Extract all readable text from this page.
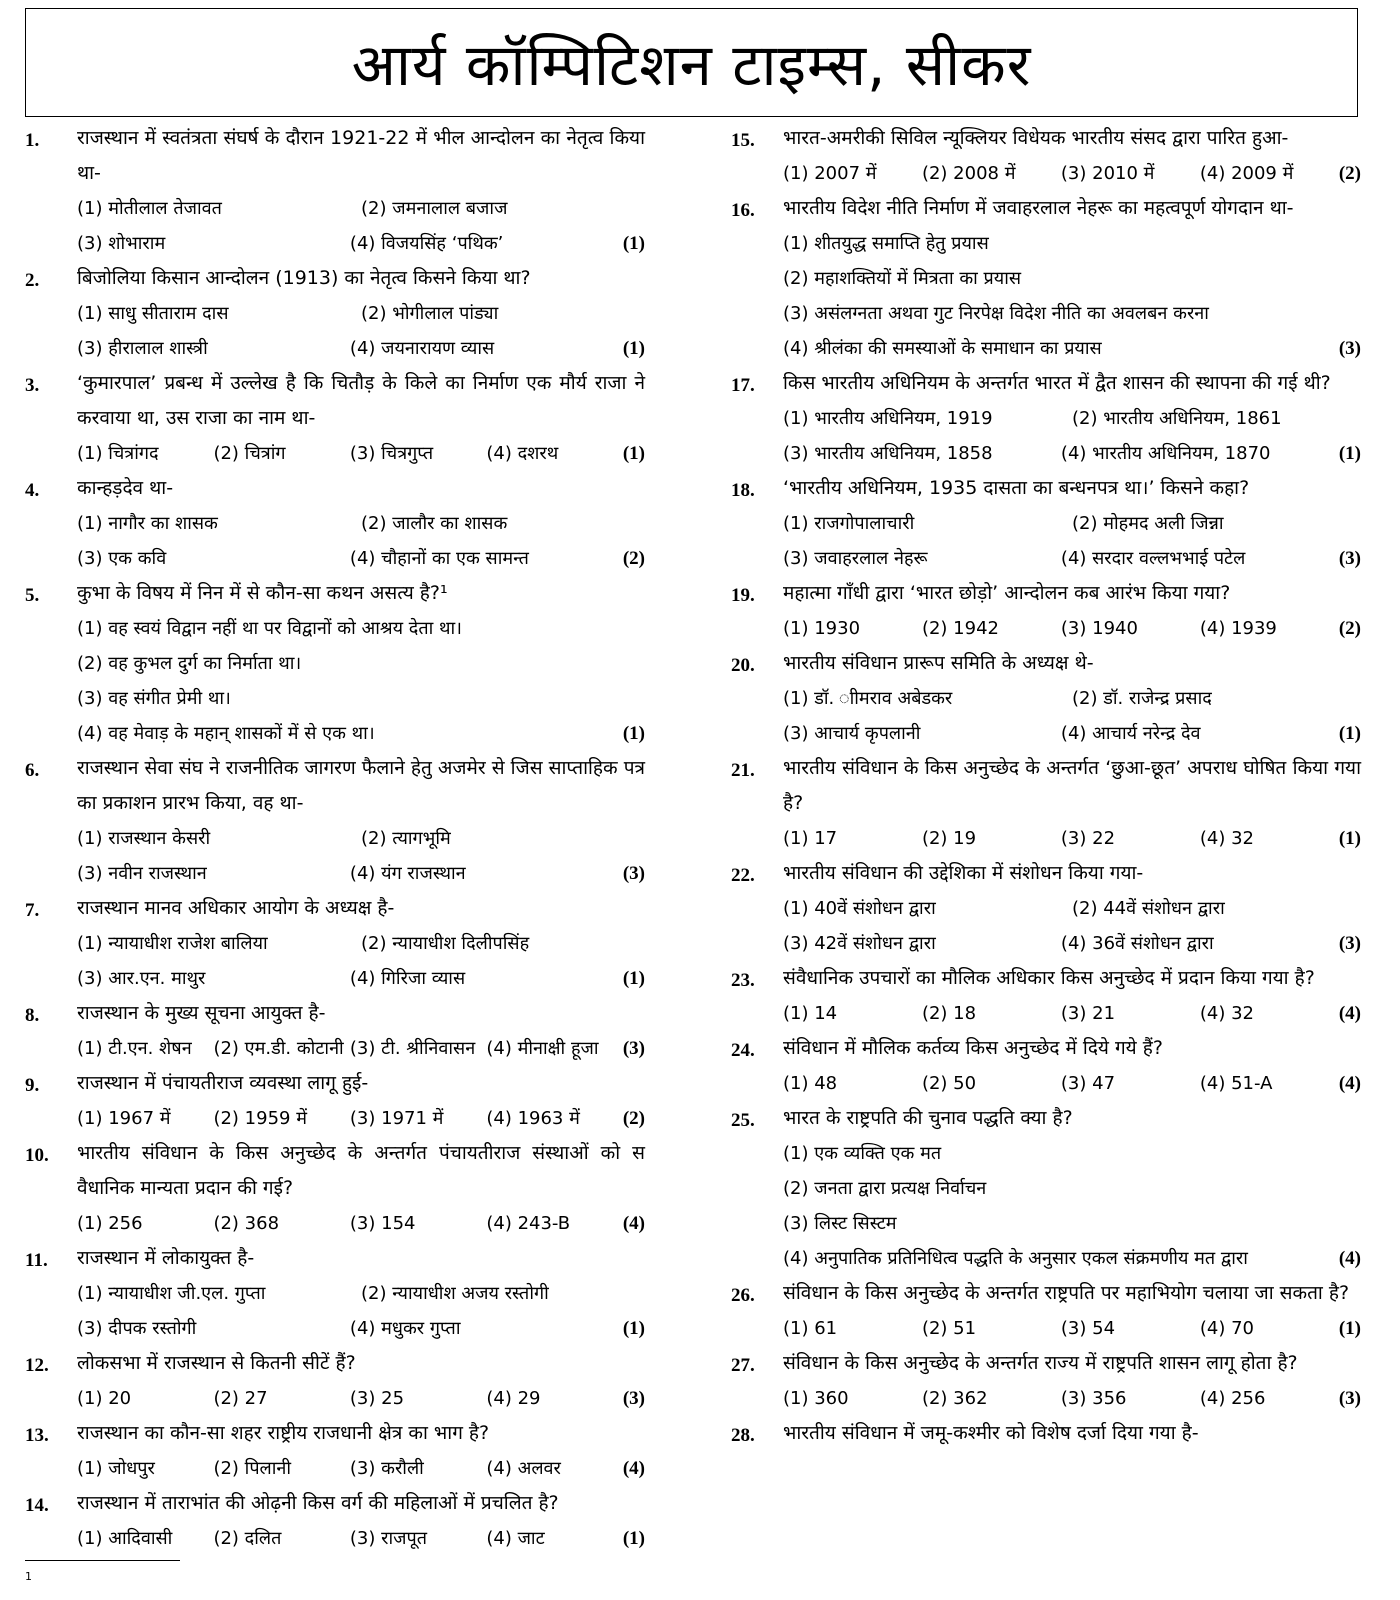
आर्य कॉम्पिटिशन टाइम्स, सीकर
1.	राजस्थान में स्वतंत्रता संघर्ष के दौरान 1921-22 में भील आन्दोलन का नेतृत्व किया था-
(1) मोतीलाल तेजावत	(2) जमनालाल बजाज
(3) शोभाराम	(4) विजयसिंह ‘पथिक’	(1)
2.	बिजोलिया किसान आन्दोलन (1913) का नेतृत्व किसने किया था?
(1) साधु सीताराम दास	(2) भोगीलाल पांड्या
(3) हीरालाल शास्त्री	(4) जयनारायण व्यास	(1)
3.	‘कुमारपाल’ प्रबन्ध में उल्लेख है कि चितौड़ के किले का निर्माण एक मौर्य राजा ने करवाया था, उस राजा का नाम था-
(1) चित्रांगद	(2) चित्रांग	(3) चित्रगुप्त	(4) दशरथ	(1)
4.	कान्हड़देव था-
(1) नागौर का शासक	(2) जालौर का शासक
(3) एक कवि	(4) चौहानों का एक सामन्त	(2)
5.	कुभा के विषय में निन में से कौन-सा कथन असत्य है?¹
(1) वह स्वयं विद्वान नहीं था पर विद्वानों को आश्रय देता था।
(2) वह कुभल दुर्ग का निर्माता था।
(3) वह संगीत प्रेमी था।
(4) वह मेवाड़ के महान् शासकों में से एक था।	(1)
6.	राजस्थान सेवा संघ ने राजनीतिक जागरण फैलाने हेतु अजमेर से जिस साप्ताहिक पत्र का प्रकाशन प्रारभ किया, वह था-
(1) राजस्थान केसरी	(2) त्यागभूमि
(3) नवीन राजस्थान	(4) यंग राजस्थान	(3)
7.	राजस्थान मानव अधिकार आयोग के अध्यक्ष है-
(1) न्यायाधीश राजेश बालिया	(2) न्यायाधीश दिलीपसिंह
(3) आर.एन. माथुर	(4) गिरिजा व्यास	(1)
8.	राजस्थान के मुख्य सूचना आयुक्त है-
(1) टी.एन. शेषन	(2) एम.डी. कोटानी (3) टी. श्रीनिवासन (4) मीनाक्षी हूजा	(3)
9.	राजस्थान में पंचायतीराज व्यवस्था लागू हुई-
(1) 1967 में	(2) 1959 में	(3) 1971 में	(4) 1963 में	(2)
10.	भारतीय संविधान के किस अनुच्छेद के अन्तर्गत पंचायतीराज संस्थाओं को स वैधानिक मान्यता प्रदान की गई?
(1) 256	(2) 368	(3) 154	(4) 243-B	(4)
11.	राजस्थान में लोकायुक्त है-
(1) न्यायाधीश जी.एल. गुप्ता	(2) न्यायाधीश अजय रस्तोगी
(3) दीपक रस्तोगी	(4) मधुकर गुप्ता	(1)
12.	लोकसभा में राजस्थान से कितनी सीटें हैं?
(1) 20	(2) 27	(3) 25	(4) 29	(3)
13.	राजस्थान का कौन-सा शहर राष्ट्रीय राजधानी क्षेत्र का भाग है?
(1) जोधपुर	(2) पिलानी	(3) करौली	(4) अलवर	(4)
14.	राजस्थान में ताराभांत की ओढ़नी किस वर्ग की महिलाओं में प्रचलित है?
(1) आदिवासी	(2) दलित	(3) राजपूत	(4) जाट	(1)
15.	भारत-अमरीकी सिविल न्यूक्लियर विधेयक भारतीय संसद द्वारा पारित हुआ-
(1) 2007 में	(2) 2008 में	(3) 2010 में	(4) 2009 में	(2)
16.	भारतीय विदेश नीति निर्माण में जवाहरलाल नेहरू का महत्वपूर्ण योगदान था-
(1) शीतयुद्ध समाप्ति हेतु प्रयास
(2) महाशक्तियों में मित्रता का प्रयास
(3) असंलग्नता अथवा गुट निरपेक्ष विदेश नीति का अवलबन करना
(4) श्रीलंका की समस्याओं के समाधान का प्रयास	(3)
17.	किस भारतीय अधिनियम के अन्तर्गत भारत में द्वैत शासन की स्थापना की गई थी?
(1) भारतीय अधिनियम, 1919	(2) भारतीय अधिनियम, 1861
(3) भारतीय अधिनियम, 1858	(4) भारतीय अधिनियम, 1870	(1)
18.	‘भारतीय अधिनियम, 1935 दासता का बन्धनपत्र था।’ किसने कहा?
(1) राजगोपालाचारी	(2) मोहमद अली जिन्ना
(3) जवाहरलाल नेहरू	(4) सरदार वल्लभभाई पटेल	(3)
19.	महात्मा गाँधी द्वारा ‘भारत छोड़ो’ आन्दोलन कब आरंभ किया गया?
(1) 1930	(2) 1942	(3) 1940	(4) 1939	(2)
20.	भारतीय संविधान प्रारूप समिति के अध्यक्ष थे-
(1) डॉ. ाीमराव अबेडकर	(2) डॉ. राजेन्द्र प्रसाद
(3) आचार्य कृपलानी	(4) आचार्य नरेन्द्र देव	(1)
21.	भारतीय संविधान के किस अनुच्छेद के अन्तर्गत ‘छुआ-छूत’ अपराध घोषित किया गया है?
(1) 17	(2) 19	(3) 22	(4) 32	(1)
22.	भारतीय संविधान की उद्देशिका में संशोधन किया गया-
(1) 40वें संशोधन द्वारा	(2) 44वें संशोधन द्वारा
(3) 42वें संशोधन द्वारा	(4) 36वें संशोधन द्वारा	(3)
23.	संवैधानिक उपचारों का मौलिक अधिकार किस अनुच्छेद में प्रदान किया गया है?
(1) 14	(2) 18	(3) 21	(4) 32	(4)
24.	संविधान में मौलिक कर्तव्य किस अनुच्छेद में दिये गये हैं?
(1) 48	(2) 50	(3) 47	(4) 51-A	(4)
25.	भारत के राष्ट्रपति की चुनाव पद्धति क्या है?
(1) एक व्यक्ति एक मत
(2) जनता द्वारा प्रत्यक्ष निर्वाचन
(3) लिस्ट सिस्टम
(4) अनुपातिक प्रतिनिधित्व पद्धति के अनुसार एकल संक्रमणीय मत द्वारा	(4)
26.	संविधान के किस अनुच्छेद के अन्तर्गत राष्ट्रपति पर महाभियोग चलाया जा सकता है?
(1) 61	(2) 51	(3) 54	(4) 70	(1)
27.	संविधान के किस अनुच्छेद के अन्तर्गत राज्य में राष्ट्रपति शासन लागू होता है?
(1) 360	(2) 362	(3) 356	(4) 256	(3)
28.	भारतीय संविधान में जमू-कश्मीर को विशेष दर्जा दिया गया है-
1
